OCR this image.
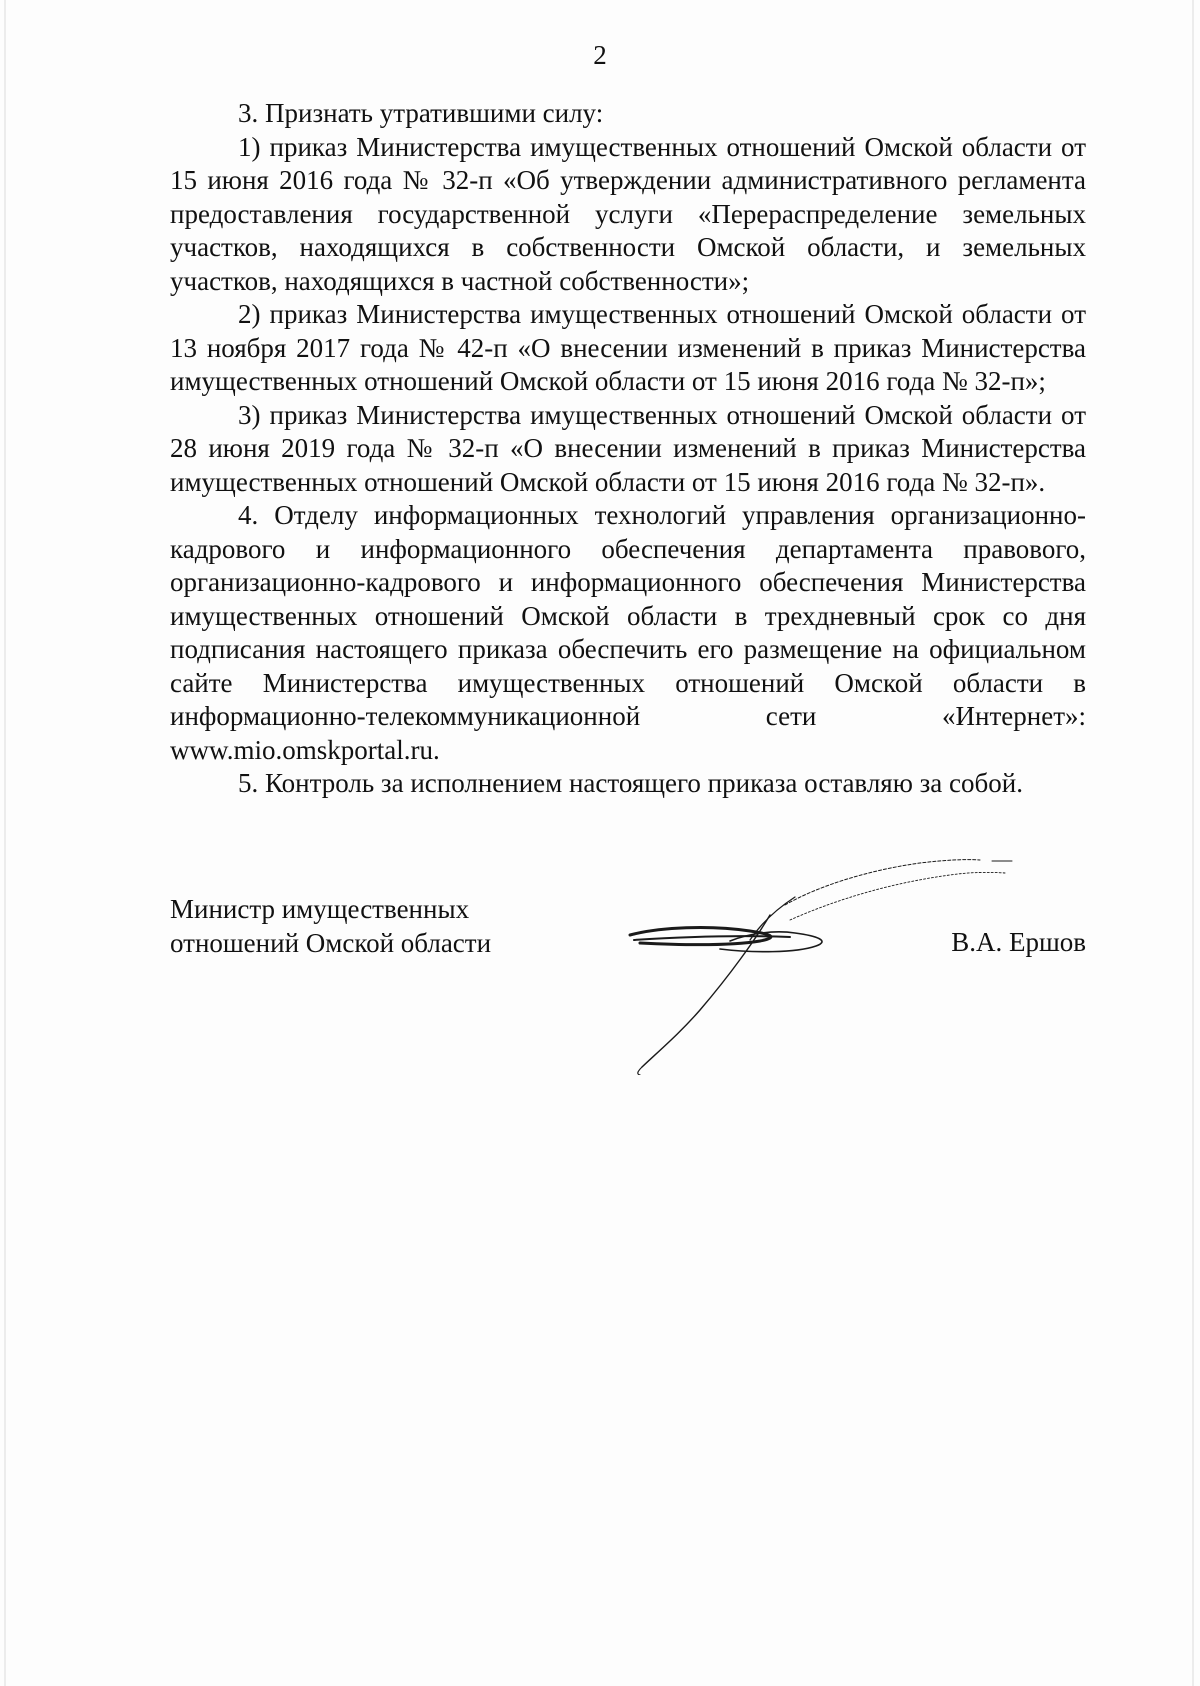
2

3. Признать утратившими силу:

1) приказ Министерства имущественных отношений Омской области от 15 июня 2016 года № 32-п «Об утверждении административного регламента предоставления государственной услуги «Перераспределение земельных участков, находящихся в собственности Омской области, и земельных участков, находящихся в частной собственности»;

2) приказ Министерства имущественных отношений Омской области от 13 ноября 2017 года № 42-п «О внесении изменений в приказ Министерства имущественных отношений Омской области от 15 июня 2016 года № 32-п»;

3) приказ Министерства имущественных отношений Омской области от 28 июня 2019 года № 32-п «О внесении изменений в приказ Министерства имущественных отношений Омской области от 15 июня 2016 года № 32-п».

4. Отделу информационных технологий управления организационно-кадрового и информационного обеспечения департамента правового, организационно-кадрового и информационного обеспечения Министерства имущественных отношений Омской области в трехдневный срок со дня подписания настоящего приказа обеспечить его размещение на официальном сайте Министерства имущественных отношений Омской области в информационно-телекоммуникационной сети «Интернет»: www.mio.omskportal.ru.

5. Контроль за исполнением настоящего приказа оставляю за собой.

Министр имущественных
отношений Омской области	В.А. Ершов
